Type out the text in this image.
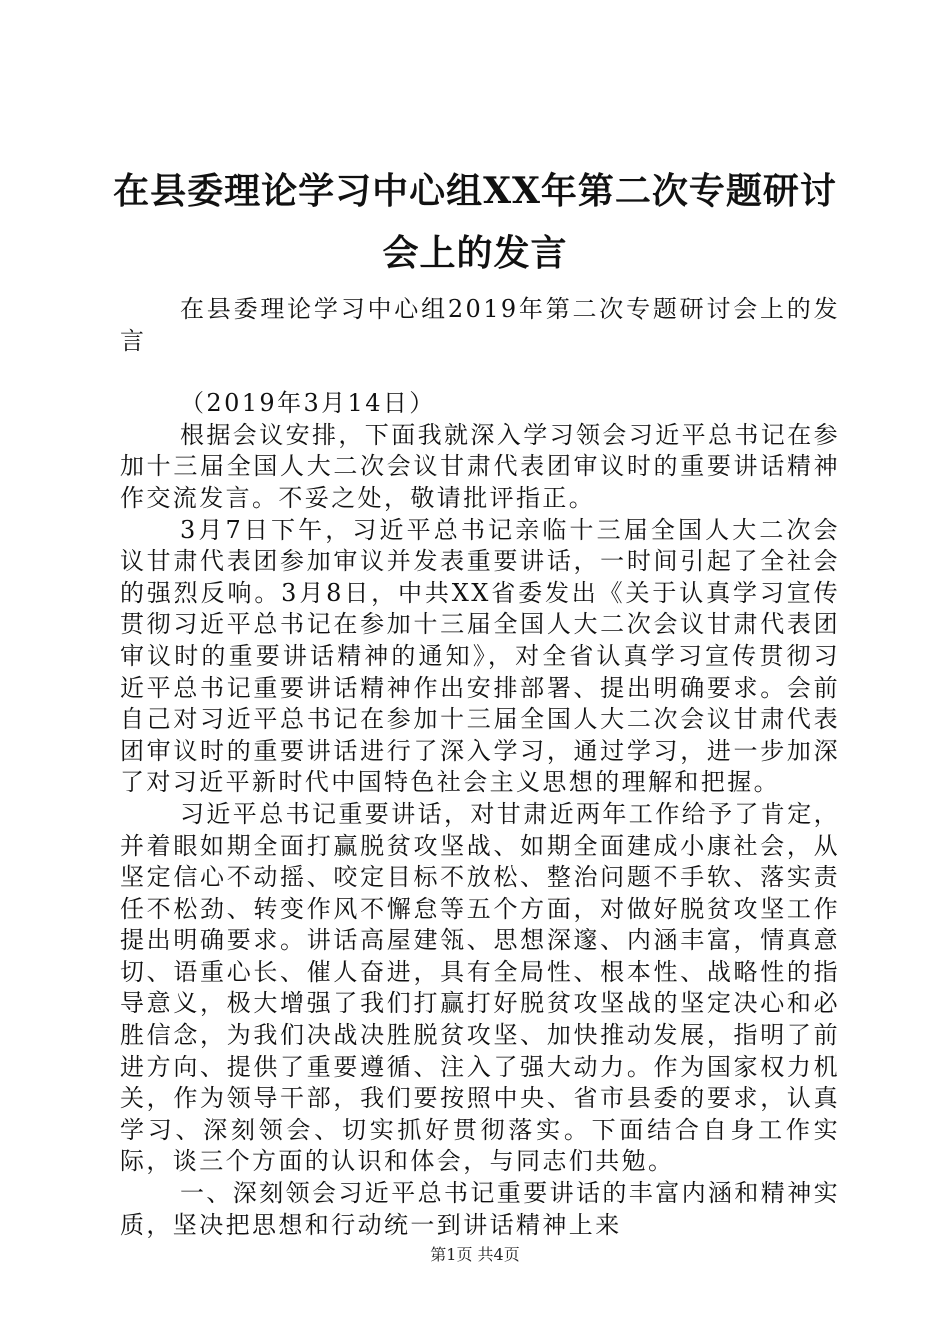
在县委理论学习中心组XX年第二次专题研讨
会上的发言

在县委理论学习中心组2019年第二次专题研讨会上的发言

（2019年3月14日）

根据会议安排，下面我就深入学习领会习近平总书记在参加十三届全国人大二次会议甘肃代表团审议时的重要讲话精神作交流发言。不妥之处，敬请批评指正。

3月7日下午，习近平总书记亲临十三届全国人大二次会议甘肃代表团参加审议并发表重要讲话，一时间引起了全社会的强烈反响。3月8日，中共XX省委发出《关于认真学习宣传贯彻习近平总书记在参加十三届全国人大二次会议甘肃代表团审议时的重要讲话精神的通知》，对全省认真学习宣传贯彻习近平总书记重要讲话精神作出安排部署、提出明确要求。会前自己对习近平总书记在参加十三届全国人大二次会议甘肃代表团审议时的重要讲话进行了深入学习，通过学习，进一步加深了对习近平新时代中国特色社会主义思想的理解和把握。

习近平总书记重要讲话，对甘肃近两年工作给予了肯定，并着眼如期全面打赢脱贫攻坚战、如期全面建成小康社会，从坚定信心不动摇、咬定目标不放松、整治问题不手软、落实责任不松劲、转变作风不懈怠等五个方面，对做好脱贫攻坚工作提出明确要求。讲话高屋建瓴、思想深邃、内涵丰富，情真意切、语重心长、催人奋进，具有全局性、根本性、战略性的指导意义，极大增强了我们打赢打好脱贫攻坚战的坚定决心和必胜信念，为我们决战决胜脱贫攻坚、加快推动发展，指明了前进方向、提供了重要遵循、注入了强大动力。作为国家权力机关，作为领导干部，我们要按照中央、省市县委的要求，认真学习、深刻领会、切实抓好贯彻落实。下面结合自身工作实际，谈三个方面的认识和体会，与同志们共勉。

一、深刻领会习近平总书记重要讲话的丰富内涵和精神实质，坚决把思想和行动统一到讲话精神上来

第1页 共4页
